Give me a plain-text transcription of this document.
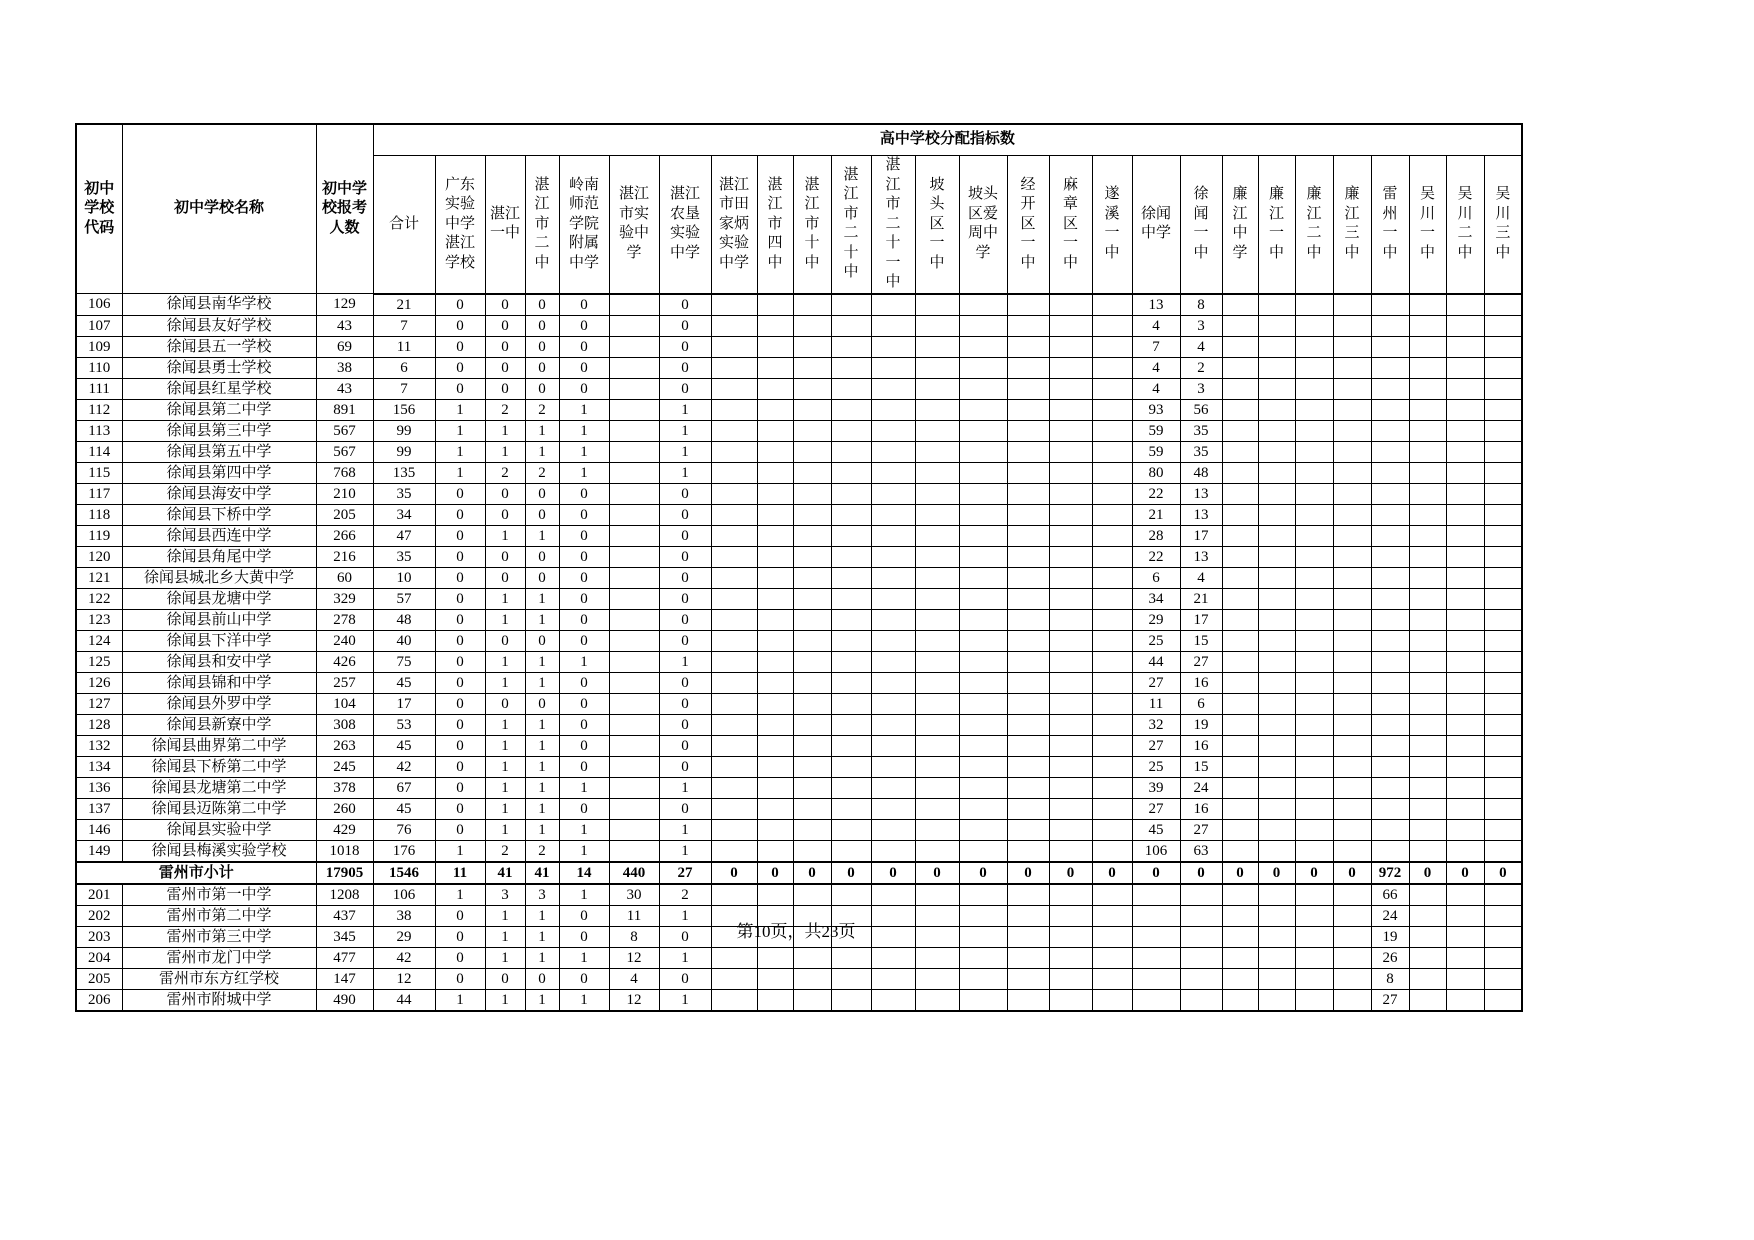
初中学校代码	初中学校名称	初中学校报考人数	高中学校分配指标数																										
			合计	广东实验中学湛江学校	湛江一中	湛江市二中	岭南师范学院附属中学	湛江市实验中学	湛江农垦实验中学	湛江市田家炳实验中学	湛江市四中	湛江市十中	湛江市二十中	湛江市二十一中	坡头区一中	坡头区爱周中学	经开区一中	麻章区一中	遂溪一中	徐闻中学	徐闻一中	廉江中学	廉江一中	廉江二中	廉江三中	雷州一中	吴川一中	吴川二中	吴川三中
106	徐闻县南华学校	129	21	0	0	0	0		0											13	8								
107	徐闻县友好学校	43	7	0	0	0	0		0											4	3								
109	徐闻县五一学校	69	11	0	0	0	0		0											7	4								
110	徐闻县勇士学校	38	6	0	0	0	0		0											4	2								
111	徐闻县红星学校	43	7	0	0	0	0		0											4	3								
112	徐闻县第二中学	891	156	1	2	2	1		1											93	56								
113	徐闻县第三中学	567	99	1	1	1	1		1											59	35								
114	徐闻县第五中学	567	99	1	1	1	1		1											59	35								
115	徐闻县第四中学	768	135	1	2	2	1		1											80	48								
117	徐闻县海安中学	210	35	0	0	0	0		0											22	13								
118	徐闻县下桥中学	205	34	0	0	0	0		0											21	13								
119	徐闻县西连中学	266	47	0	1	1	0		0											28	17								
120	徐闻县角尾中学	216	35	0	0	0	0		0											22	13								
121	徐闻县城北乡大黄中学	60	10	0	0	0	0		0											6	4								
122	徐闻县龙塘中学	329	57	0	1	1	0		0											34	21								
123	徐闻县前山中学	278	48	0	1	1	0		0											29	17								
124	徐闻县下洋中学	240	40	0	0	0	0		0											25	15								
125	徐闻县和安中学	426	75	0	1	1	1		1											44	27								
126	徐闻县锦和中学	257	45	0	1	1	0		0											27	16								
127	徐闻县外罗中学	104	17	0	0	0	0		0											11	6								
128	徐闻县新寮中学	308	53	0	1	1	0		0											32	19								
132	徐闻县曲界第二中学	263	45	0	1	1	0		0											27	16								
134	徐闻县下桥第二中学	245	42	0	1	1	0		0											25	15								
136	徐闻县龙塘第二中学	378	67	0	1	1	1		1											39	24								
137	徐闻县迈陈第二中学	260	45	0	1	1	0		0											27	16								
146	徐闻县实验中学	429	76	0	1	1	1		1											45	27								
149	徐闻县梅溪实验学校	1018	176	1	2	2	1		1											106	63								
雷州市小计		17905	1546	11	41	41	14	440	27	0	0	0	0	0	0	0	0	0	0	0	0	0	0	0	0	972	0	0	0
201	雷州市第一中学	1208	106	1	3	3	1	30	2																	66			
202	雷州市第二中学	437	38	0	1	1	0	11	1																	24			
203	雷州市第三中学	345	29	0	1	1	0	8	0																	19			
204	雷州市龙门中学	477	42	0	1	1	1	12	1																	26			
205	雷州市东方红学校	147	12	0	0	0	0	4	0																	8			
206	雷州市附城中学	490	44	1	1	1	1	12	1																	27			
第10页，共23页
